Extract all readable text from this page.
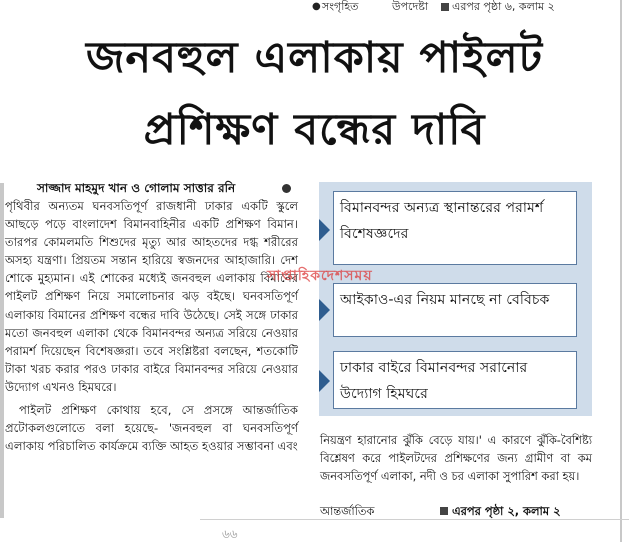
● সংগৃহিত	উপদেষ্টা এরপর পৃষ্ঠা ৬, কলাম ২
জনবহুল এলাকায় পাইলট
প্রশিক্ষণ বন্ধের দাবি
সাজ্জাদ মাহমুদ খান ও গোলাম সাত্তার রনি

পৃথিবীর অন্যতম ঘনবসতিপূর্ণ রাজধানী ঢাকার একটি স্কুলে আছড়ে পড়ে বাংলাদেশ বিমানবাহিনীর একটি প্রশিক্ষণ বিমান। তারপর কোমলমতি শিশুদের মৃত্যু আর আহতদের দগ্ধ শরীরের অসহ্য যন্ত্রণা। প্রিয়তম সন্তান হারিয়ে স্বজনদের আহাজারি। দেশ শোকে মুহ্যমান। এই শোকের মধ্যেই জনবহুল এলাকায় বিমানের পাইলট প্রশিক্ষণ নিয়ে সমালোচনার ঝড় বইছে। ঘনবসতিপূর্ণ এলাকায় বিমানের প্রশিক্ষণ বন্ধের দাবি উঠেছে। সেই সঙ্গে ঢাকার মতো জনবহুল এলাকা থেকে বিমানবন্দর অন্যত্র সরিয়ে নেওয়ার পরামর্শ দিয়েছেন বিশেষজ্ঞরা। তবে সংশ্লিষ্টরা বলছেন, শতকোটি টাকা খরচ করার পরও ঢাকার বাইরে বিমানবন্দর সরিয়ে নেওয়ার উদ্যোগ এখনও হিমঘরে।

পাইলট প্রশিক্ষণ কোথায় হবে, সে প্রসঙ্গে আন্তর্জাতিক প্রটোকলগুলোতে বলা হয়েছে- 'জনবহুল বা ঘনবসতিপূর্ণ এলাকায় পরিচালিত কার্যক্রমে ব্যক্তি আহত হওয়ার সম্ভাবনা এবং

বিমানবন্দর অন্যত্র স্থানান্তরের পরামর্শ বিশেষজ্ঞদের
আইকাও-এর নিয়ম মানছে না বেবিচক
ঢাকার বাইরে বিমানবন্দর সরানোর উদ্যোগ হিমঘরে
সাপ্তাহিকদেশসময়

নিয়ন্ত্রণ হারানোর ঝুঁকি বেড়ে যায়।' এ কারণে ঝুঁকি-বৈশিষ্ট্য বিশ্লেষণ করে পাইলটদের প্রশিক্ষণের জন্য গ্রামীণ বা কম জনবসতিপূর্ণ এলাকা, নদী ও চর এলাকা সুপারিশ করা হয়।

আন্তর্জাতিক	এরপর পৃষ্ঠা ২, কলাম ২
৬৬
